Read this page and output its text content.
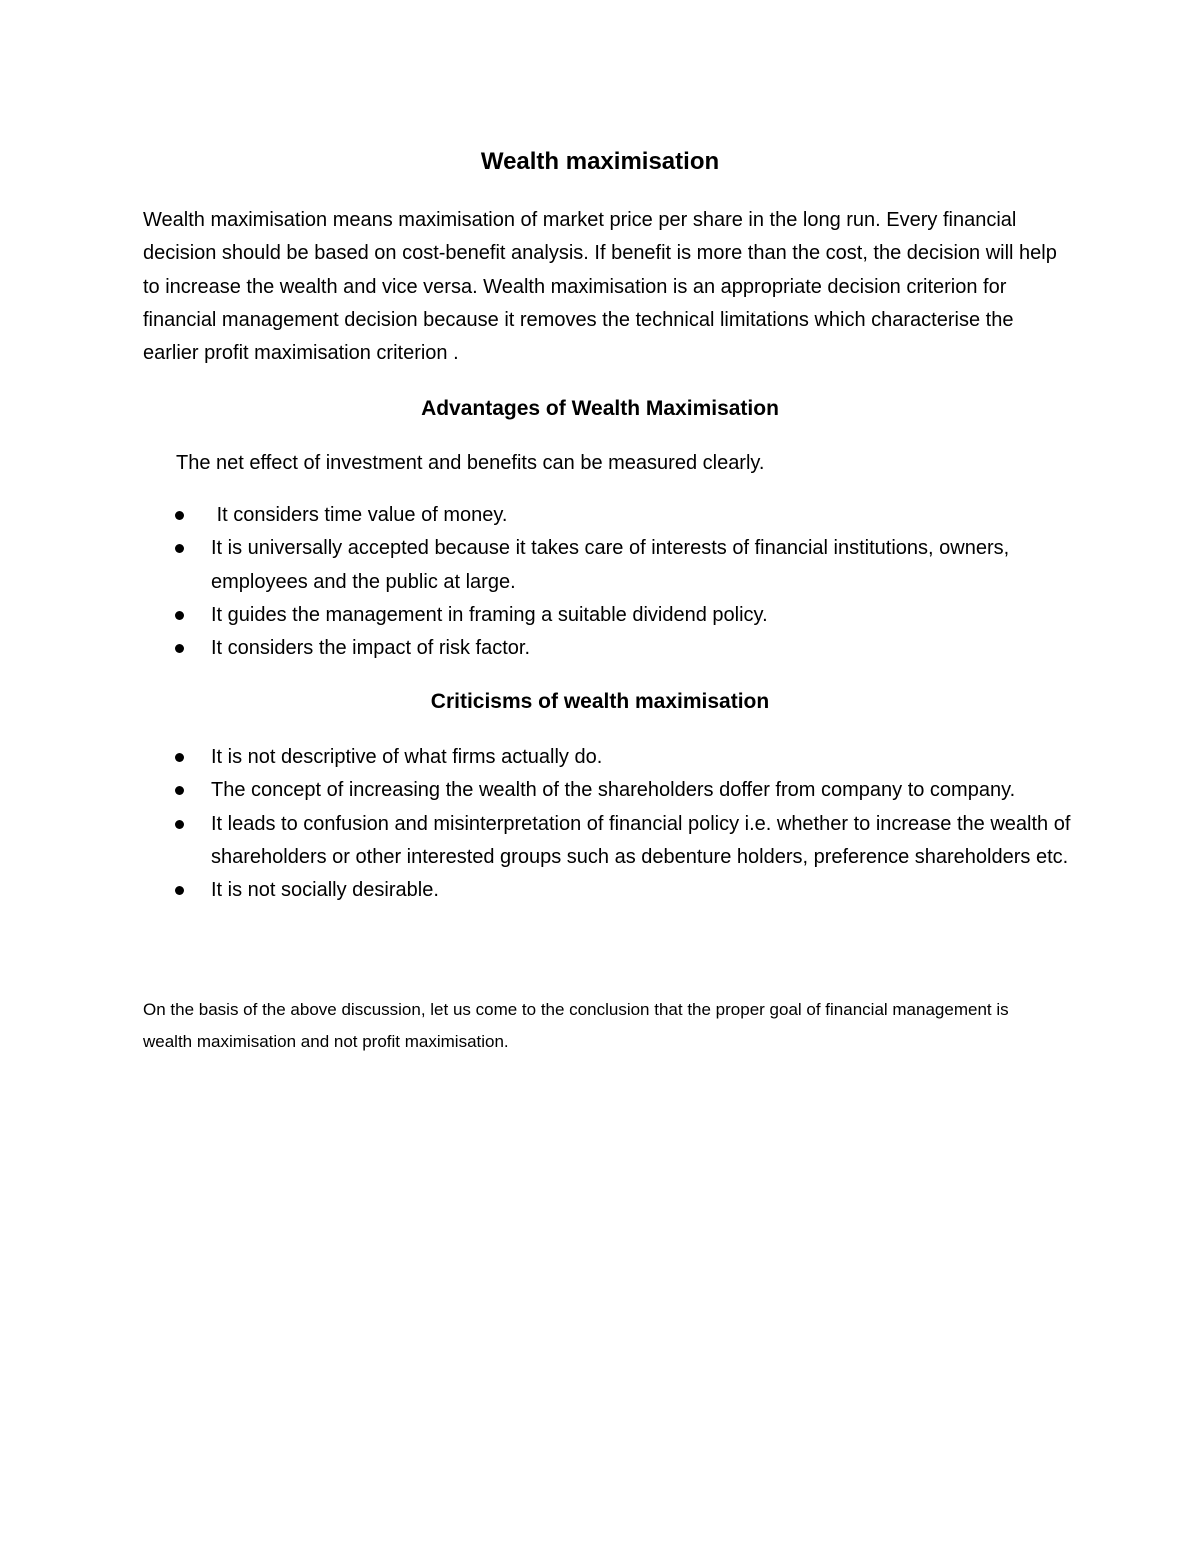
Wealth maximisation

Wealth maximisation means maximisation of market price per share in the long run. Every financial decision should be based on cost-benefit analysis. If benefit is more than the cost, the decision will help to increase the wealth and vice versa. Wealth maximisation is an appropriate decision criterion for financial management decision because it removes the technical limitations which characterise the earlier profit maximisation criterion .

Advantages of Wealth Maximisation

The net effect of investment and benefits can be measured clearly.

It considers time value of money.
It is universally accepted because it takes care of interests of financial institutions, owners, employees and the public at large.
It guides the management in framing a suitable dividend policy.
It considers the impact of risk factor.
Criticisms of wealth maximisation
It is not descriptive of what firms actually do.
The concept of increasing the wealth of the shareholders doffer from company to company.
It leads to confusion and misinterpretation of financial policy i.e. whether to increase the wealth of shareholders or other interested groups such as debenture holders, preference shareholders etc.
It is not socially desirable.

On the basis of the above discussion, let us come to the conclusion that the proper goal of financial management is wealth maximisation and not profit maximisation.
